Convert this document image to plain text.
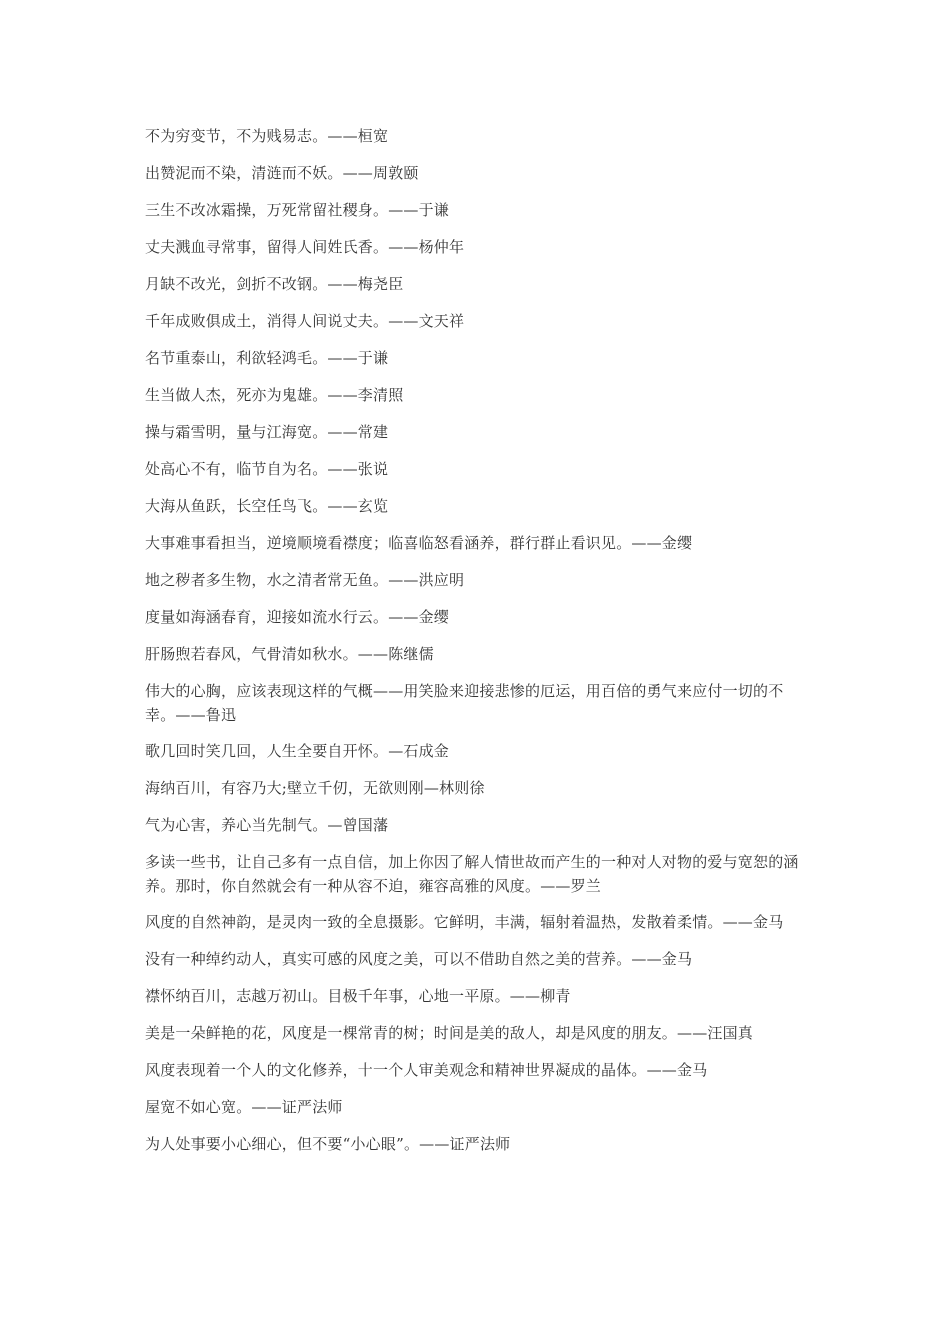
不为穷变节，不为贱易志。——桓宽

出赞泥而不染，清涟而不妖。——周敦颐

三生不改冰霜操，万死常留社稷身。——于谦

丈夫溅血寻常事，留得人间姓氏香。——杨仲年

月缺不改光，剑折不改钢。——梅尧臣

千年成败俱成土，消得人间说丈夫。——文天祥

名节重泰山，利欲轻鸿毛。——于谦

生当做人杰，死亦为鬼雄。——李清照

操与霜雪明，量与江海宽。——常建

处高心不有，临节自为名。——张说

大海从鱼跃，长空任鸟飞。——玄览

大事难事看担当，逆境顺境看襟度；临喜临怒看涵养，群行群止看识见。——金缨

地之秽者多生物，水之清者常无鱼。——洪应明

度量如海涵春育，迎接如流水行云。——金缨

肝肠煦若春风，气骨清如秋水。——陈继儒

伟大的心胸，应该表现这样的气概——用笑脸来迎接悲惨的厄运，用百倍的勇气来应付一切的不幸。——鲁迅

歌几回时笑几回，人生全要自开怀。—石成金

海纳百川，有容乃大;壁立千仞，无欲则刚—林则徐

气为心害，养心当先制气。—曾国藩

多读一些书，让自己多有一点自信，加上你因了解人情世故而产生的一种对人对物的爱与宽恕的涵养。那时，你自然就会有一种从容不迫，雍容高雅的风度。——罗兰

风度的自然神韵，是灵肉一致的全息摄影。它鲜明，丰满，辐射着温热，发散着柔情。——金马

没有一种绰约动人，真实可感的风度之美，可以不借助自然之美的营养。——金马

襟怀纳百川，志越万初山。目极千年事，心地一平原。——柳青

美是一朵鲜艳的花，风度是一棵常青的树；时间是美的敌人，却是风度的朋友。——汪国真

风度表现着一个人的文化修养，十一个人审美观念和精神世界凝成的晶体。——金马

屋宽不如心宽。——证严法师

为人处事要小心细心，但不要“小心眼”。——证严法师
